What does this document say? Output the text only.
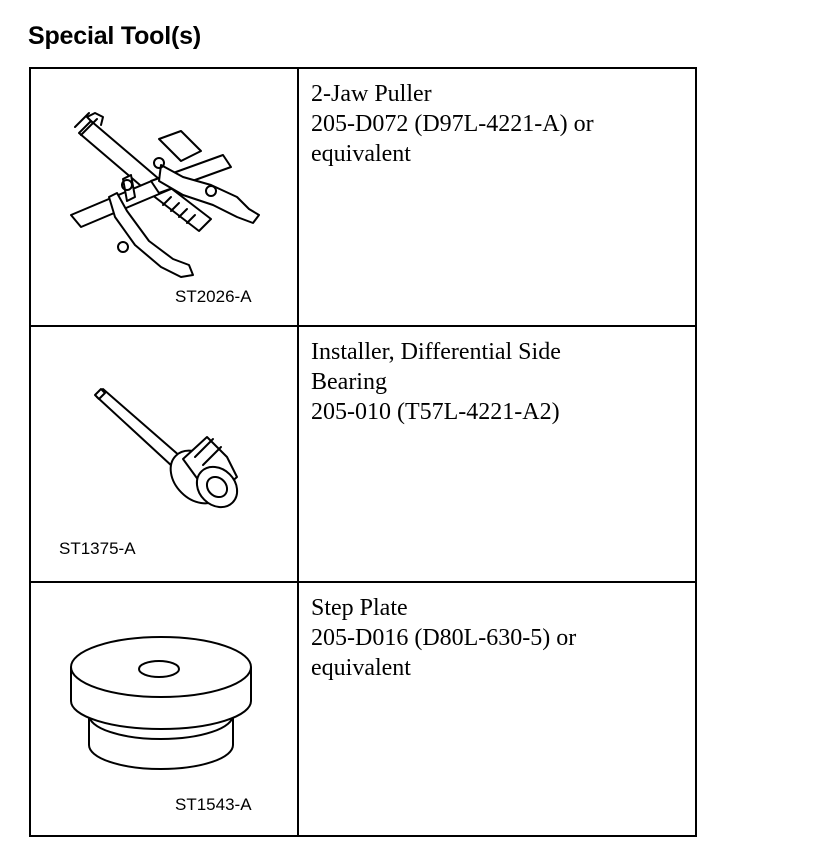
Special Tool(s)
ST2026-A
2-Jaw Puller
205-D072 (D97L-4221-A) or
equivalent
ST1375-A
Installer, Differential Side
Bearing
205-010 (T57L-4221-A2)
ST1543-A
Step Plate
205-D016 (D80L-630-5) or
equivalent
